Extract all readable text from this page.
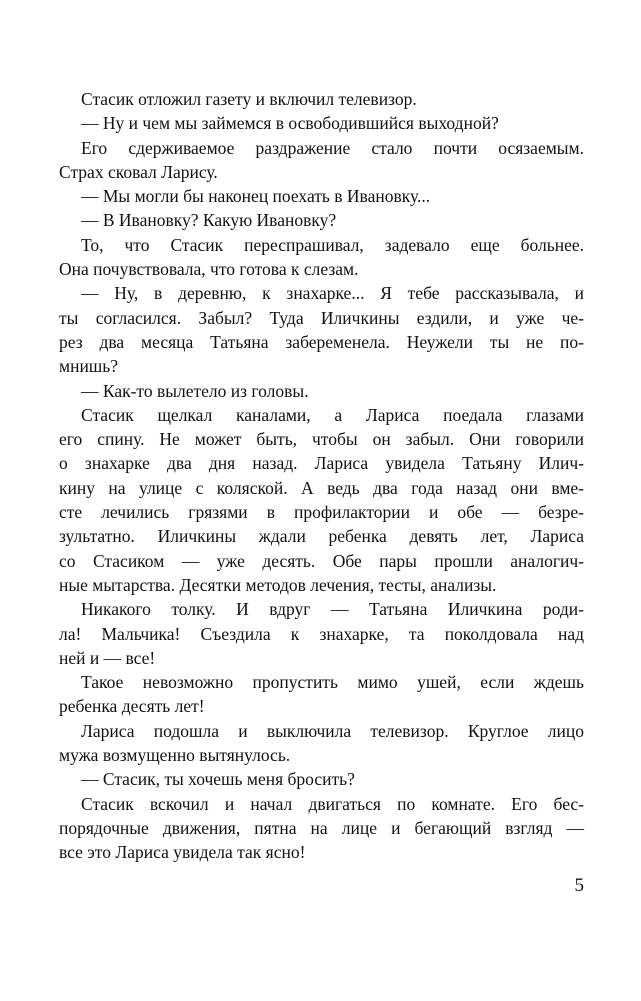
Стасик отложил газету и включил телевизор.
— Ну и чем мы займемся в освободившийся выходной?
Его сдерживаемое раздражение стало почти осязаемым.
Страх сковал Ларису.
— Мы могли бы наконец поехать в Ивановку...
— В Ивановку? Какую Ивановку?
То, что Стасик переспрашивал, задевало еще больнее.
Она почувствовала, что готова к слезам.
— Ну, в деревню, к знахарке... Я тебе рассказывала, и
ты согласился. Забыл? Туда Иличкины ездили, и уже че-
рез два месяца Татьяна забеременела. Неужели ты не по-
мнишь?
— Как-то вылетело из головы.
Стасик щелкал каналами, а Лариса поедала глазами
его спину. Не может быть, чтобы он забыл. Они говорили
о знахарке два дня назад. Лариса увидела Татьяну Илич-
кину на улице с коляской. А ведь два года назад они вме-
сте лечились грязями в профилактории и обе — безре-
зультатно. Иличкины ждали ребенка девять лет, Лариса
со Стасиком — уже десять. Обе пары прошли аналогич-
ные мытарства. Десятки методов лечения, тесты, анализы.
Никакого толку. И вдруг — Татьяна Иличкина роди-
ла! Мальчика! Съездила к знахарке, та поколдовала над
ней и — все!
Такое невозможно пропустить мимо ушей, если ждешь
ребенка десять лет!
Лариса подошла и выключила телевизор. Круглое лицо
мужа возмущенно вытянулось.
— Стасик, ты хочешь меня бросить?
Стасик вскочил и начал двигаться по комнате. Его бес-
порядочные движения, пятна на лице и бегающий взгляд —
все это Лариса увидела так ясно!
5
